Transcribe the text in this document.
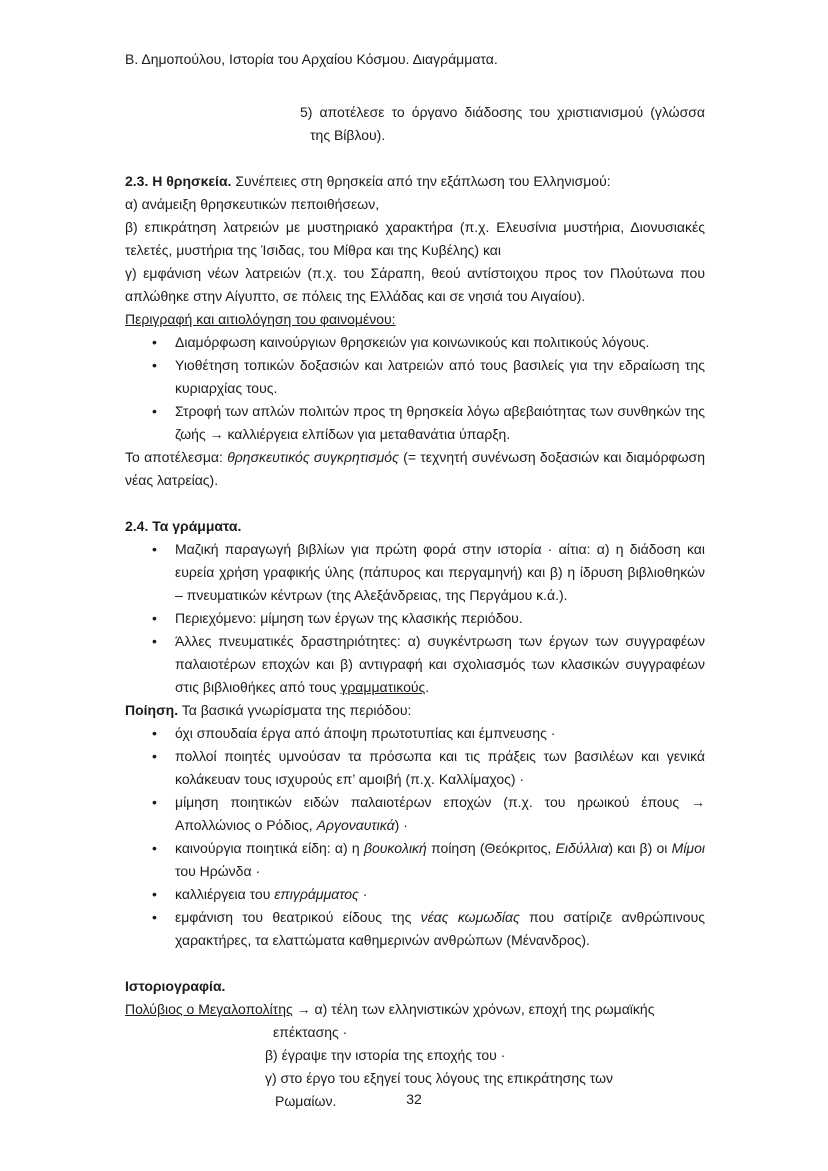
Β. Δημοπούλου, Ιστορία του Αρχαίου Κόσμου. Διαγράμματα.
5) αποτέλεσε το όργανο διάδοσης του χριστιανισμού (γλώσσα της Βίβλου).
2.3. Η θρησκεία. Συνέπειες στη θρησκεία από την εξάπλωση του Ελληνισμού:
α) ανάμειξη θρησκευτικών πεποιθήσεων,
β) επικράτηση λατρειών με μυστηριακό χαρακτήρα (π.χ. Ελευσίνια μυστήρια, Διονυσιακές τελετές, μυστήρια της Ίσιδας, του Μίθρα και της Κυβέλης) και
γ) εμφάνιση νέων λατρειών (π.χ. του Σάραπη, θεού αντίστοιχου προς τον Πλούτωνα που απλώθηκε στην Αίγυπτο, σε πόλεις της Ελλάδας και σε νησιά του Αιγαίου).
Περιγραφή και αιτιολόγηση του φαινομένου:
•	Διαμόρφωση καινούργιων θρησκειών για κοινωνικούς και πολιτικούς λόγους.
•	Υιοθέτηση τοπικών δοξασιών και λατρειών από τους βασιλείς για την εδραίωση της κυριαρχίας τους.
•	Στροφή των απλών πολιτών προς τη θρησκεία λόγω αβεβαιότητας των συνθηκών της ζωής → καλλιέργεια ελπίδων για μεταθανάτια ύπαρξη.
Το αποτέλεσμα: θρησκευτικός συγκρητισμός (= τεχνητή συνένωση δοξασιών και διαμόρφωση νέας λατρείας).
2.4. Τα γράμματα.
•	Μαζική παραγωγή βιβλίων για πρώτη φορά στην ιστορία · αίτια: α) η διάδοση και ευρεία χρήση γραφικής ύλης (πάπυρος και περγαμηνή) και β) η ίδρυση βιβλιοθηκών – πνευματικών κέντρων (της Αλεξάνδρειας, της Περγάμου κ.ά.).
•	Περιεχόμενο: μίμηση των έργων της κλασικής περιόδου.
•	Άλλες πνευματικές δραστηριότητες: α) συγκέντρωση των έργων των συγγραφέων παλαιοτέρων εποχών και β) αντιγραφή και σχολιασμός των κλασικών συγγραφέων στις βιβλιοθήκες από τους γραμματικούς.
Ποίηση. Τα βασικά γνωρίσματα της περιόδου:
•	όχι σπουδαία έργα από άποψη πρωτοτυπίας και έμπνευσης ·
•	πολλοί ποιητές υμνούσαν τα πρόσωπα και τις πράξεις των βασιλέων και γενικά κολάκευαν τους ισχυρούς επ’ αμοιβή (π.χ. Καλλίμαχος) ·
•	μίμηση ποιητικών ειδών παλαιοτέρων εποχών (π.χ. του ηρωικού έπους → Απολλώνιος ο Ρόδιος, Αργοναυτικά) ·
•	καινούργια ποιητικά είδη: α) η βουκολική ποίηση (Θεόκριτος, Ειδύλλια) και β) οι Μίμοι του Ηρώνδα ·
•	καλλιέργεια του επιγράμματος ·
•	εμφάνιση του θεατρικού είδους της νέας κωμωδίας που σατίριζε ανθρώπινους χαρακτήρες, τα ελαττώματα καθημερινών ανθρώπων (Μένανδρος).
Ιστοριογραφία.
Πολύβιος ο Μεγαλοπολίτης → α) τέλη των ελληνιστικών χρόνων, εποχή της ρωμαϊκής
επέκτασης ·
β) έγραψε την ιστορία της εποχής του ·
γ) στο έργο του εξηγεί τους λόγους της επικράτησης των
Ρωμαίων.	32
